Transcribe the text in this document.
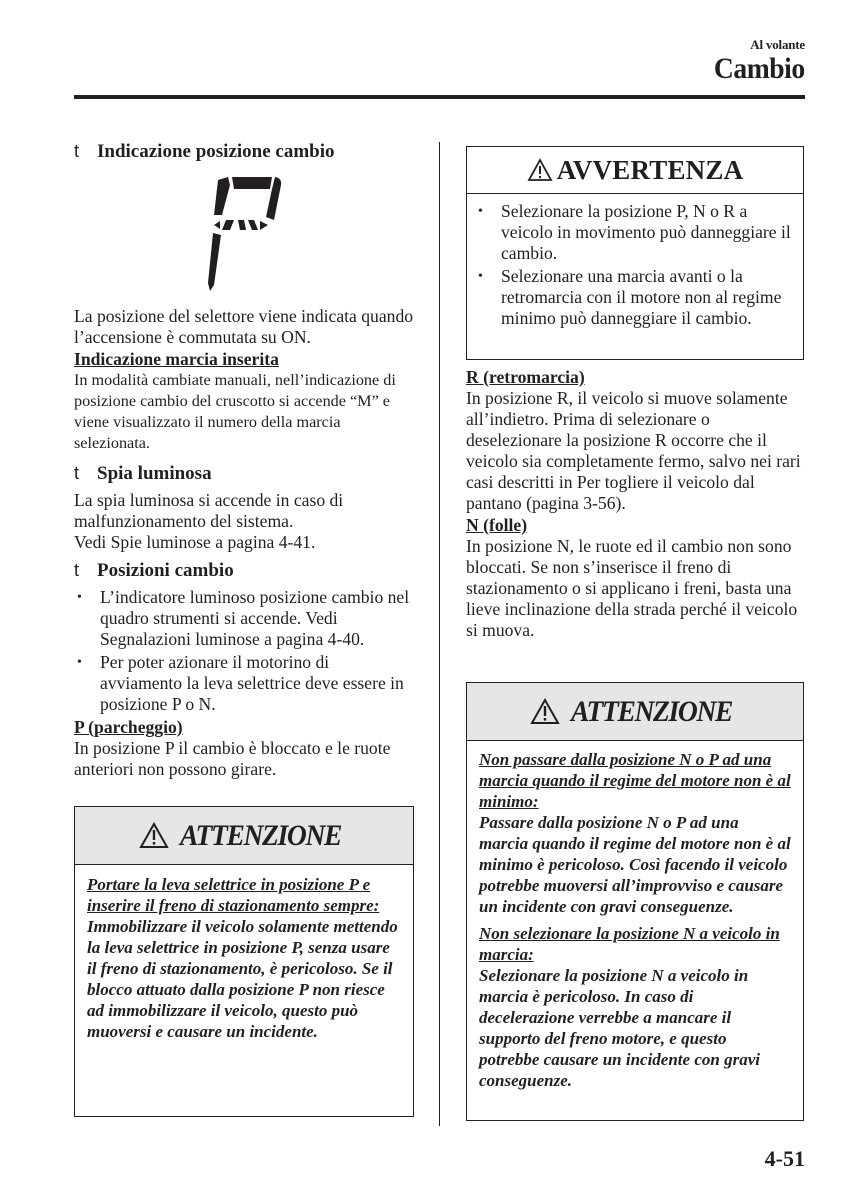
Al volante
Cambio
t Indicazione posizione cambio

La posizione del selettore viene indicata quando l’accensione è commutata su ON.

Indicazione marcia inserita

In modalità cambiate manuali, nell’indicazione di posizione cambio del cruscotto si accende “M” e viene visualizzato il numero della marcia selezionata.

t Spia luminosa

La spia luminosa si accende in caso di malfunzionamento del sistema.

Vedi Spie luminose a pagina 4-41.

t Posizioni cambio
• L’indicatore luminoso posizione cambio nel quadro strumenti si accende. Vedi Segnalazioni luminose a pagina 4-40.
• Per poter azionare il motorino di avviamento la leva selettrice deve essere in posizione P o N.
P (parcheggio)

In posizione P il cambio è bloccato e le ruote anteriori non possono girare.

ATTENZIONE

Portare la leva selettrice in posizione P e inserire il freno di stazionamento sempre:

Immobilizzare il veicolo solamente mettendo la leva selettrice in posizione P, senza usare il freno di stazionamento, è pericoloso. Se il blocco attuato dalla posizione P non riesce ad immobilizzare il veicolo, questo può muoversi e causare un incidente.

AVVERTENZA
• Selezionare la posizione P, N o R a veicolo in movimento può danneggiare il cambio.
• Selezionare una marcia avanti o la retromarcia con il motore non al regime minimo può danneggiare il cambio.
R (retromarcia)

In posizione R, il veicolo si muove solamente all’indietro. Prima di selezionare o deselezionare la posizione R occorre che il veicolo sia completamente fermo, salvo nei rari casi descritti in Per togliere il veicolo dal pantano (pagina 3-56).

N (folle)

In posizione N, le ruote ed il cambio non sono bloccati. Se non s’inserisce il freno di stazionamento o si applicano i freni, basta una lieve inclinazione della strada perché il veicolo si muova.

ATTENZIONE

Non passare dalla posizione N o P ad una marcia quando il regime del motore non è al minimo:

Passare dalla posizione N o P ad una marcia quando il regime del motore non è al minimo è pericoloso. Così facendo il veicolo potrebbe muoversi all’improvviso e causare un incidente con gravi conseguenze.

Non selezionare la posizione N a veicolo in marcia:

Selezionare la posizione N a veicolo in marcia è pericoloso. In caso di decelerazione verrebbe a mancare il supporto del freno motore, e questo potrebbe causare un incidente con gravi conseguenze.

4-51
